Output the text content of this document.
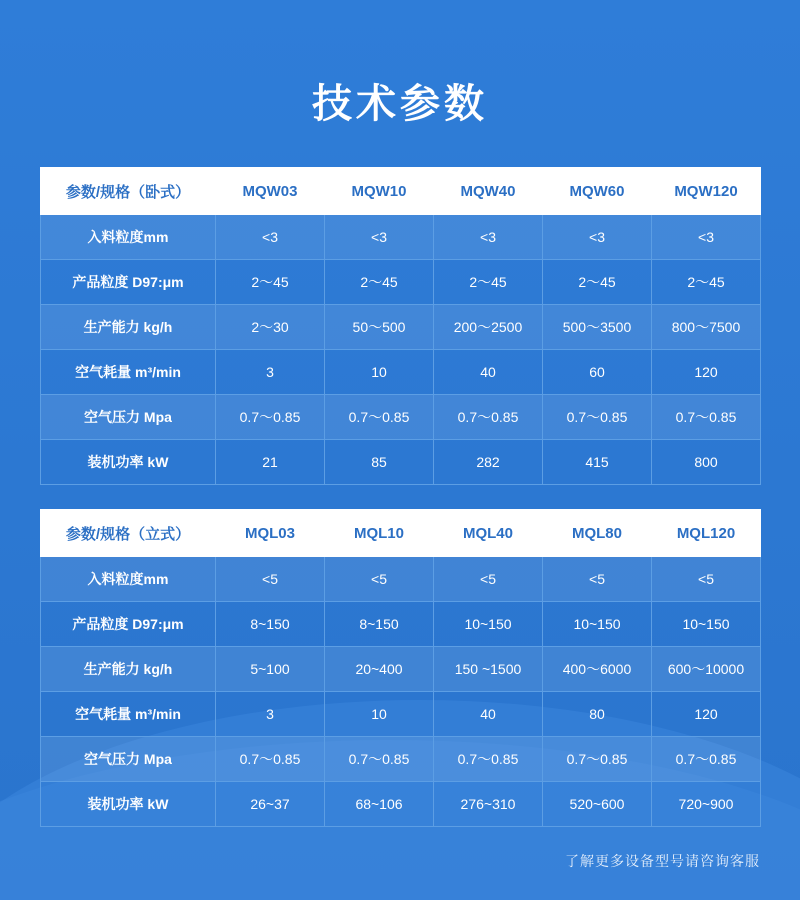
技术参数
参数/规格（卧式）	MQW03	MQW10	MQW40	MQW60	MQW120
入料粒度mm	<3	<3	<3	<3	<3
产品粒度 D97:μm	2～45	2～45	2～45	2～45	2～45
生产能力 kg/h	2～30	50～500	200～2500	500～3500	800～7500
空气耗量 m³/min	3	10	40	60	120
空气压力 Mpa	0.7～0.85	0.7～0.85	0.7～0.85	0.7～0.85	0.7～0.85
装机功率 kW	21	85	282	415	800
参数/规格（立式）	MQL03	MQL10	MQL40	MQL80	MQL120
入料粒度mm	<5	<5	<5	<5	<5
产品粒度 D97:μm	8~150	8~150	10~150	10~150	10~150
生产能力 kg/h	5~100	20~400	150 ~1500	400～6000	600～10000
空气耗量 m³/min	3	10	40	80	120
空气压力 Mpa	0.7～0.85	0.7～0.85	0.7～0.85	0.7～0.85	0.7～0.85
装机功率 kW	26~37	68~106	276~310	520~600	720~900
了解更多设备型号请咨询客服
